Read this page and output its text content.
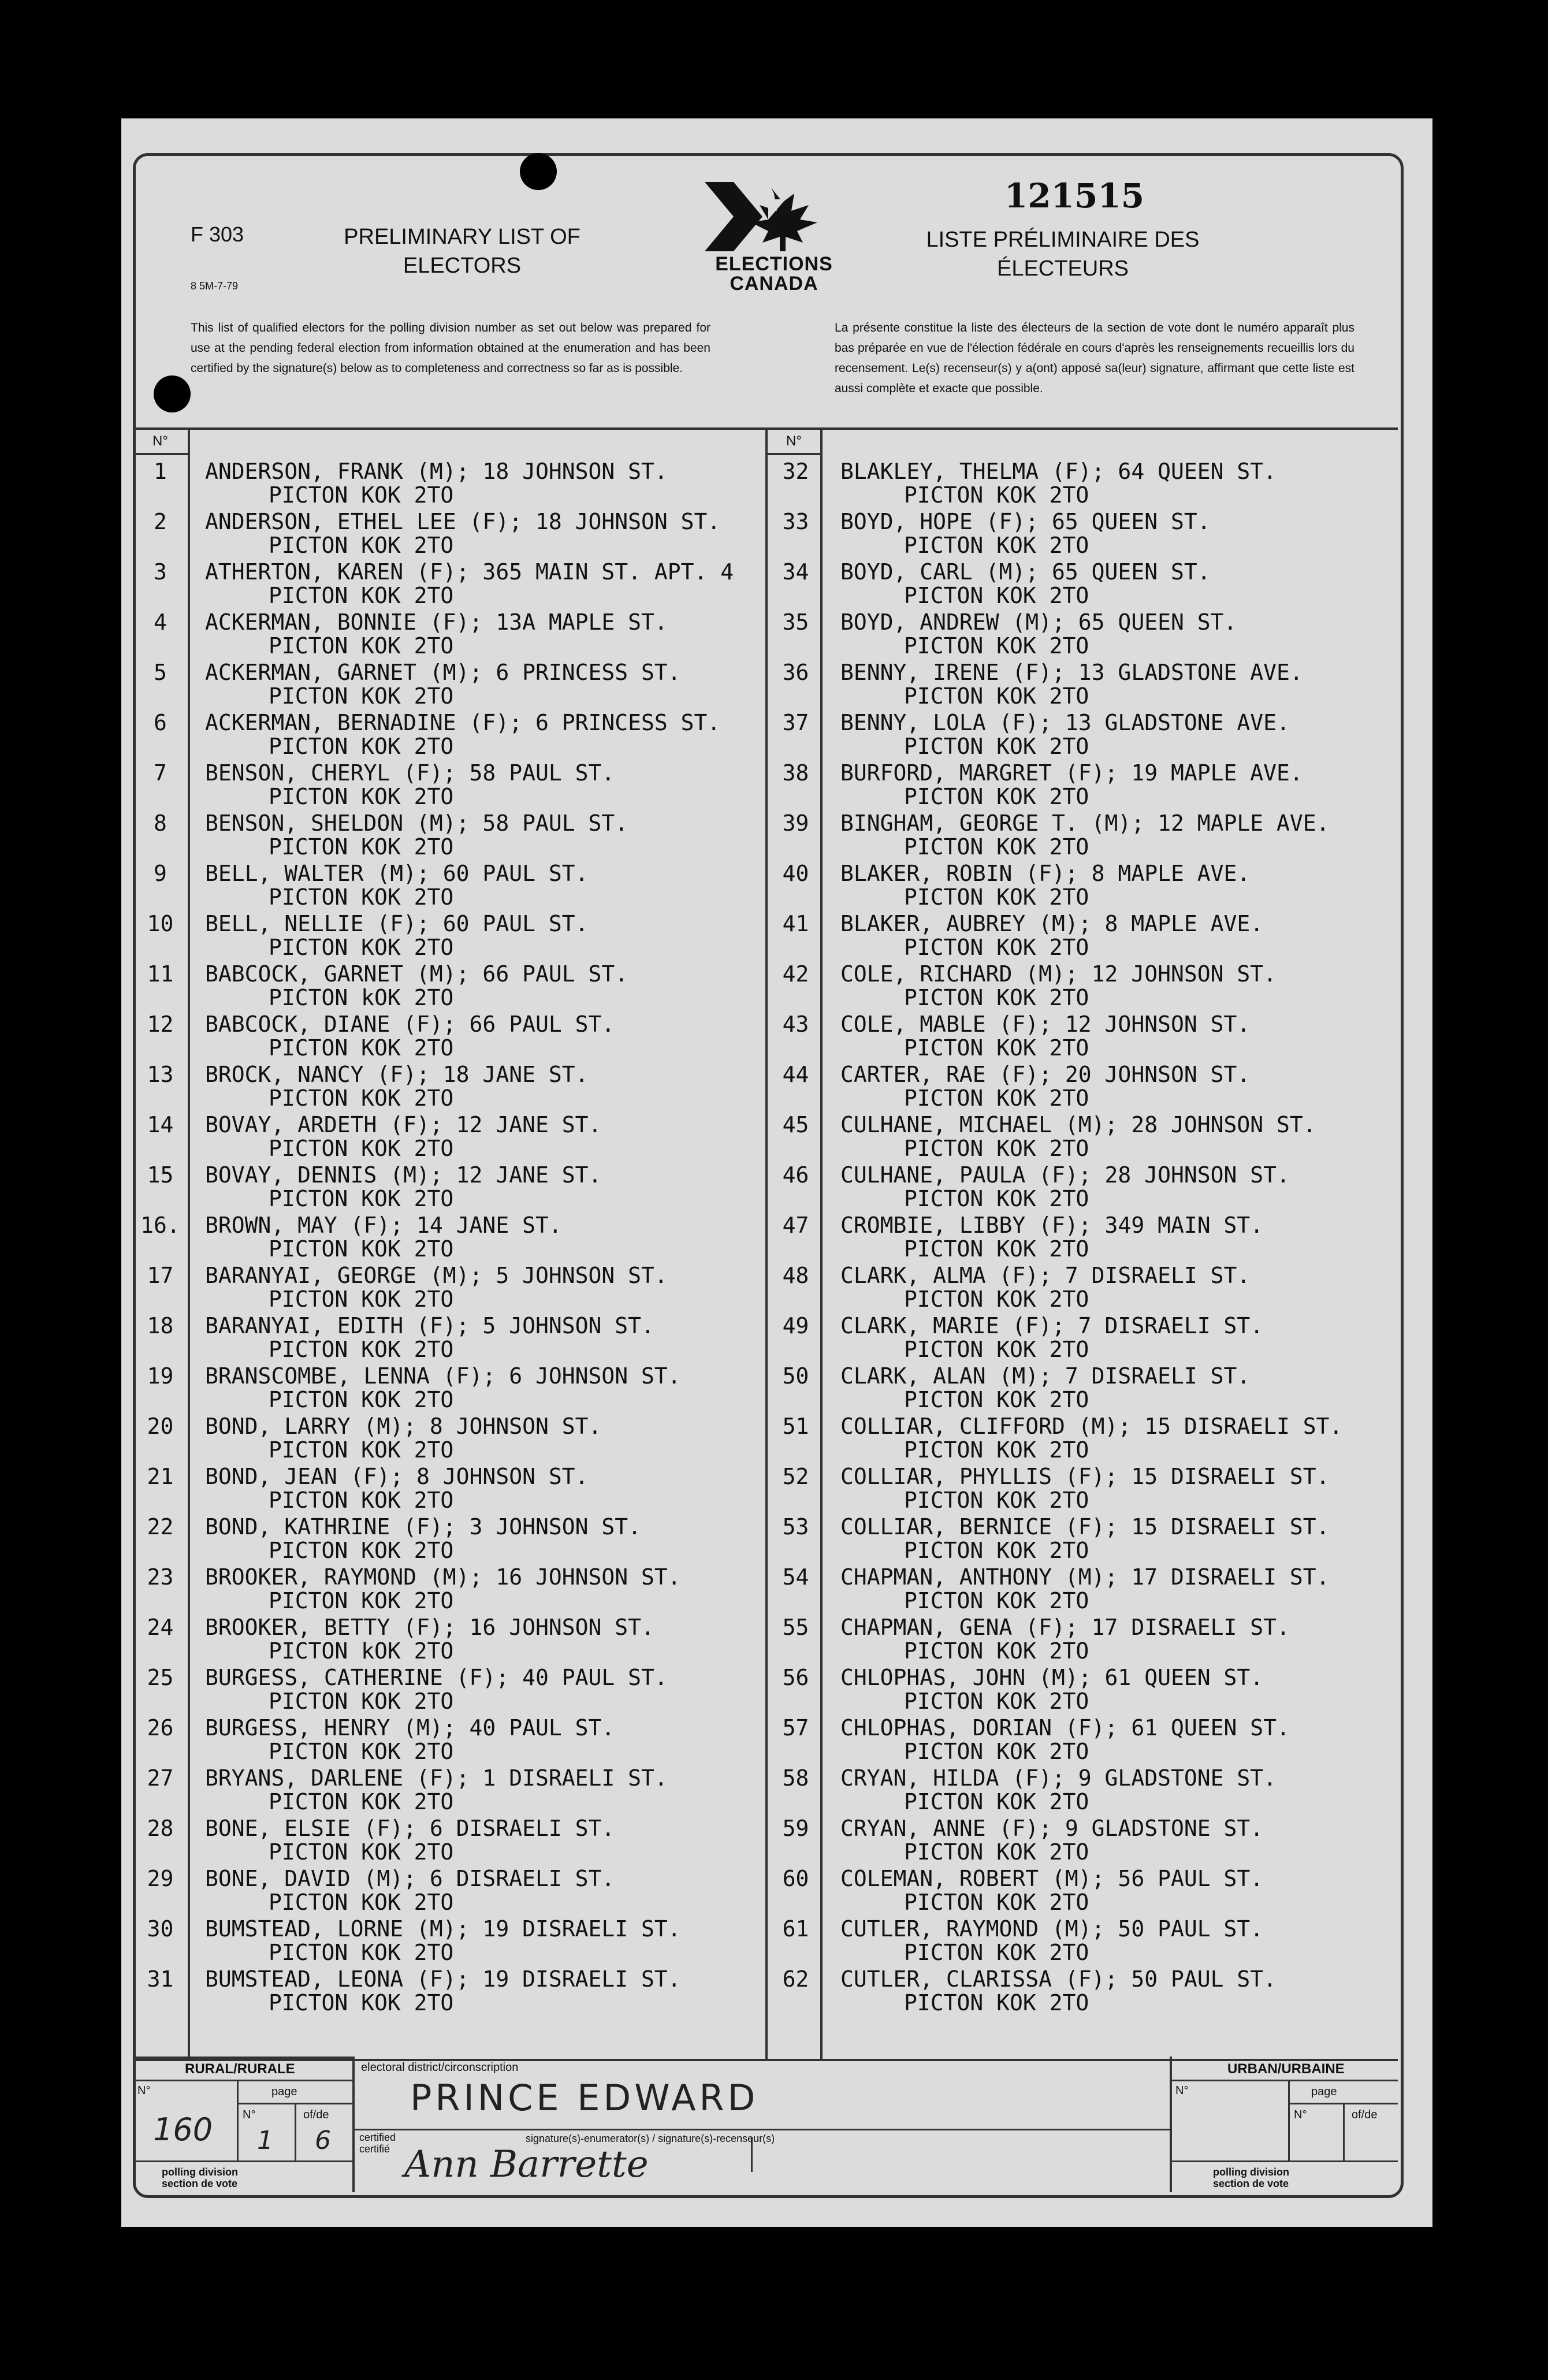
F 303
8 5M-7-79
PRELIMINARY LIST OF
ELECTORS	ELECTIONS
CANADA
121515
LISTE PRÉLIMINAIRE DES
ÉLECTEURS
This list of qualified electors for the polling division number as set out below was prepared for use at the pending federal election from information obtained at the enumeration and has been certified by the signature(s) below as to completeness and correctness so far as is possible.
La présente constitue la liste des électeurs de la section de vote dont le numéro apparaît plus bas préparée en vue de l'élection fédérale en cours d'après les renseignements recueillis lors du recensement. Le(s) recenseur(s) y a(ont) apposé sa(leur) signature, affirmant que cette liste est aussi complète et exacte que possible.
N°	N°
1	ANDERSON, FRANK (M); 18 JOHNSON ST.
PICTON KOK 2TO
2	ANDERSON, ETHEL LEE (F); 18 JOHNSON ST.
PICTON KOK 2TO
3	ATHERTON, KAREN (F); 365 MAIN ST. APT. 4
PICTON KOK 2TO
4	ACKERMAN, BONNIE (F); 13A MAPLE ST.
PICTON KOK 2TO
5	ACKERMAN, GARNET (M); 6 PRINCESS ST.
PICTON KOK 2TO
6	ACKERMAN, BERNADINE (F); 6 PRINCESS ST.
PICTON KOK 2TO
7	BENSON, CHERYL (F); 58 PAUL ST.
PICTON KOK 2TO
8	BENSON, SHELDON (M); 58 PAUL ST.
PICTON KOK 2TO
9	BELL, WALTER (M); 60 PAUL ST.
PICTON KOK 2TO
10	BELL, NELLIE (F); 60 PAUL ST.
PICTON KOK 2TO
11	BABCOCK, GARNET (M); 66 PAUL ST.
PICTON kOK 2TO
12	BABCOCK, DIANE (F); 66 PAUL ST.
PICTON KOK 2TO
13	BROCK, NANCY (F); 18 JANE ST.
PICTON KOK 2TO
14	BOVAY, ARDETH (F); 12 JANE ST.
PICTON KOK 2TO
15	BOVAY, DENNIS (M); 12 JANE ST.
PICTON KOK 2TO
16.	BROWN, MAY (F); 14 JANE ST.
PICTON KOK 2TO
17	BARANYAI, GEORGE (M); 5 JOHNSON ST.
PICTON KOK 2TO
18	BARANYAI, EDITH (F); 5 JOHNSON ST.
PICTON KOK 2TO
19	BRANSCOMBE, LENNA (F); 6 JOHNSON ST.
PICTON KOK 2TO
20	BOND, LARRY (M); 8 JOHNSON ST.
PICTON KOK 2TO
21	BOND, JEAN (F); 8 JOHNSON ST.
PICTON KOK 2TO
22	BOND, KATHRINE (F); 3 JOHNSON ST.
PICTON KOK 2TO
23	BROOKER, RAYMOND (M); 16 JOHNSON ST.
PICTON KOK 2TO
24	BROOKER, BETTY (F); 16 JOHNSON ST.
PICTON kOK 2TO
25	BURGESS, CATHERINE (F); 40 PAUL ST.
PICTON KOK 2TO
26	BURGESS, HENRY (M); 40 PAUL ST.
PICTON KOK 2TO
27	BRYANS, DARLENE (F); 1 DISRAELI ST.
PICTON KOK 2TO
28	BONE, ELSIE (F); 6 DISRAELI ST.
PICTON KOK 2TO
29	BONE, DAVID (M); 6 DISRAELI ST.
PICTON KOK 2TO
30	BUMSTEAD, LORNE (M); 19 DISRAELI ST.
PICTON KOK 2TO
31	BUMSTEAD, LEONA (F); 19 DISRAELI ST.
PICTON KOK 2TO
32	BLAKLEY, THELMA (F); 64 QUEEN ST.
PICTON KOK 2TO
33	BOYD, HOPE (F); 65 QUEEN ST.
PICTON KOK 2TO
34	BOYD, CARL (M); 65 QUEEN ST.
PICTON KOK 2TO
35	BOYD, ANDREW (M); 65 QUEEN ST.
PICTON KOK 2TO
36	BENNY, IRENE (F); 13 GLADSTONE AVE.
PICTON KOK 2TO
37	BENNY, LOLA (F); 13 GLADSTONE AVE.
PICTON KOK 2TO
38	BURFORD, MARGRET (F); 19 MAPLE AVE.
PICTON KOK 2TO
39	BINGHAM, GEORGE T. (M); 12 MAPLE AVE.
PICTON KOK 2TO
40	BLAKER, ROBIN (F); 8 MAPLE AVE.
PICTON KOK 2TO
41	BLAKER, AUBREY (M); 8 MAPLE AVE.
PICTON KOK 2TO
42	COLE, RICHARD (M); 12 JOHNSON ST.
PICTON KOK 2TO
43	COLE, MABLE (F); 12 JOHNSON ST.
PICTON KOK 2TO
44	CARTER, RAE (F); 20 JOHNSON ST.
PICTON KOK 2TO
45	CULHANE, MICHAEL (M); 28 JOHNSON ST.
PICTON KOK 2TO
46	CULHANE, PAULA (F); 28 JOHNSON ST.
PICTON KOK 2TO
47	CROMBIE, LIBBY (F); 349 MAIN ST.
PICTON KOK 2TO
48	CLARK, ALMA (F); 7 DISRAELI ST.
PICTON KOK 2TO
49	CLARK, MARIE (F); 7 DISRAELI ST.
PICTON KOK 2TO
50	CLARK, ALAN (M); 7 DISRAELI ST.
PICTON KOK 2TO
51	COLLIAR, CLIFFORD (M); 15 DISRAELI ST.
PICTON KOK 2TO
52	COLLIAR, PHYLLIS (F); 15 DISRAELI ST.
PICTON KOK 2TO
53	COLLIAR, BERNICE (F); 15 DISRAELI ST.
PICTON KOK 2TO
54	CHAPMAN, ANTHONY (M); 17 DISRAELI ST.
PICTON KOK 2TO
55	CHAPMAN, GENA (F); 17 DISRAELI ST.
PICTON KOK 2TO
56	CHLOPHAS, JOHN (M); 61 QUEEN ST.
PICTON KOK 2TO
57	CHLOPHAS, DORIAN (F); 61 QUEEN ST.
PICTON KOK 2TO
58	CRYAN, HILDA (F); 9 GLADSTONE ST.
PICTON KOK 2TO
59	CRYAN, ANNE (F); 9 GLADSTONE ST.
PICTON KOK 2TO
60	COLEMAN, ROBERT (M); 56 PAUL ST.
PICTON KOK 2TO
61	CUTLER, RAYMOND (M); 50 PAUL ST.
PICTON KOK 2TO
62	CUTLER, CLARISSA (F); 50 PAUL ST.
PICTON KOK 2TO
RURAL/RURALE	URBAN/URBAINE
electoral district/circonscription
PRINCE EDWARD
N°	page
N°	of/de
160 1 6
polling division
section de vote
N°	page
N°	of/de
polling division
section de vote
certified
certifié
signature(s)-enumerator(s) / signature(s)-recenseur(s)
Ann Barrette
